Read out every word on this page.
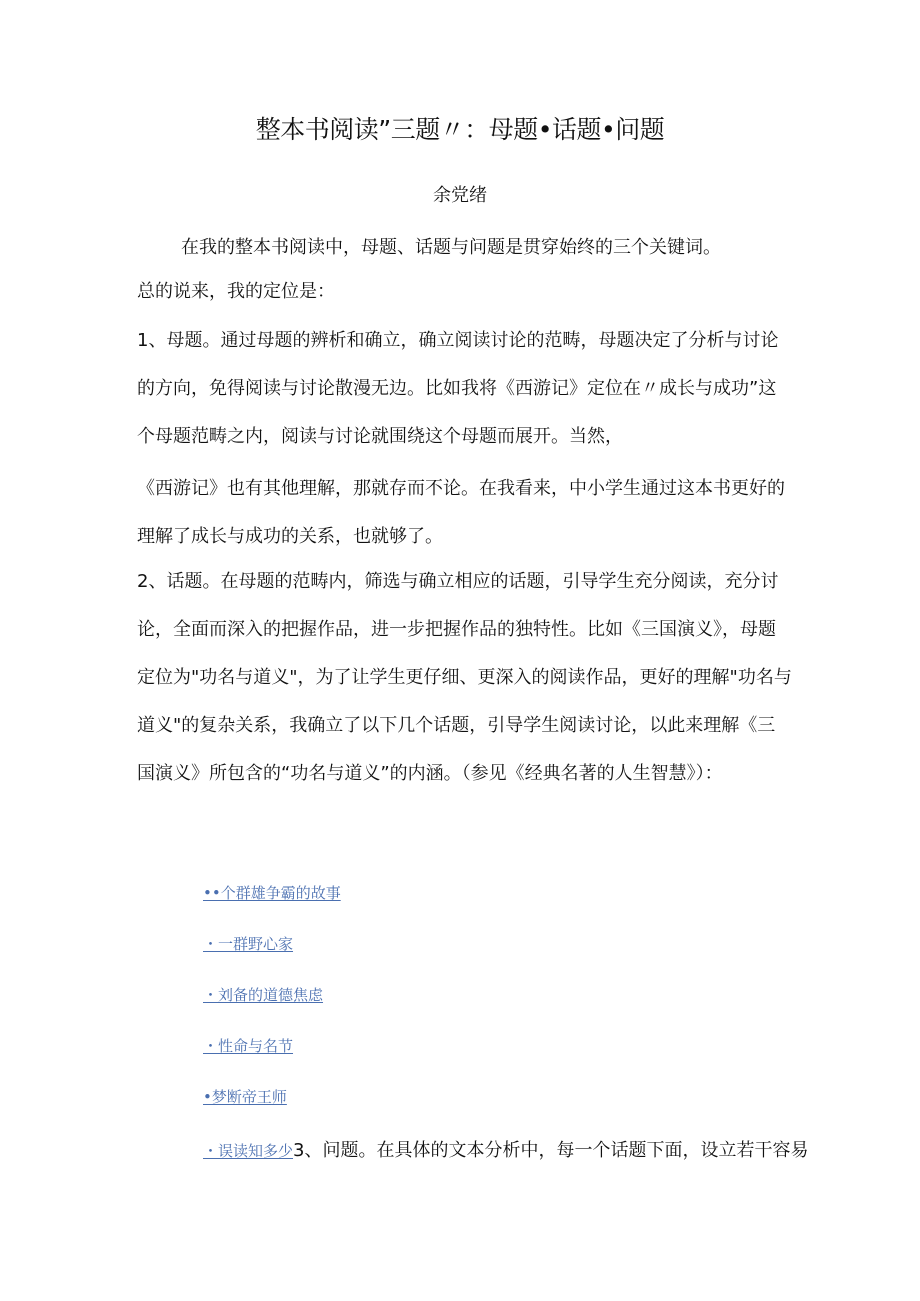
整本书阅读”三题〃：母题•话题•问题
余党绪
在我的整本书阅读中，母题、话题与问题是贯穿始终的三个关键词。
总的说来，我的定位是：
1、母题。通过母题的辨析和确立，确立阅读讨论的范畴，母题决定了分析与讨论的方向，免得阅读与讨论散漫无边。比如我将《西游记》定位在〃成长与成功”这个母题范畴之内，阅读与讨论就围绕这个母题而展开。当然，
《西游记》也有其他理解，那就存而不论。在我看来，中小学生通过这本书更好的理解了成长与成功的关系，也就够了。
2、话题。在母题的范畴内，筛选与确立相应的话题，引导学生充分阅读，充分讨论，全面而深入的把握作品，进一步把握作品的独特性。比如《三国演义》，母题定位为"功名与道义"，为了让学生更仔细、更深入的阅读作品，更好的理解"功名与道义"的复杂关系，我确立了以下几个话题，引导学生阅读讨论，以此来理解《三国演义》所包含的“功名与道义”的内涵。（参见《经典名著的人生智慧》）：
••个群雄争霸的故事
・一群野心家
・刘备的道德焦虑
・性命与名节
•梦断帝王师
・误读知多少3、问题。在具体的文本分析中，每一个话题下面，设立若干容易
